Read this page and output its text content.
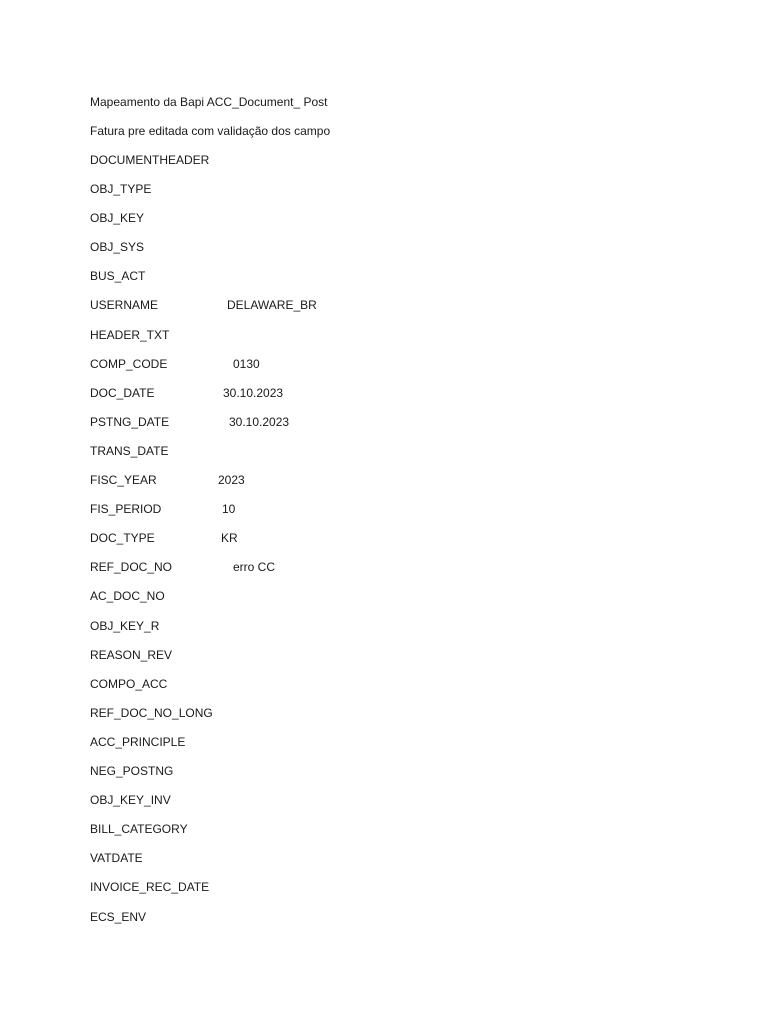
Mapeamento da Bapi ACC_Document_ Post
Fatura pre editada com validação dos campo
DOCUMENTHEADER
OBJ_TYPE
OBJ_KEY
OBJ_SYS
BUS_ACT
USERNAME	DELAWARE_BR
HEADER_TXT
COMP_CODE	0130
DOC_DATE	30.10.2023
PSTNG_DATE	30.10.2023
TRANS_DATE
FISC_YEAR	2023
FIS_PERIOD	10
DOC_TYPE	KR
REF_DOC_NO	erro CC
AC_DOC_NO
OBJ_KEY_R
REASON_REV
COMPO_ACC
REF_DOC_NO_LONG
ACC_PRINCIPLE
NEG_POSTNG
OBJ_KEY_INV
BILL_CATEGORY
VATDATE
INVOICE_REC_DATE
ECS_ENV
